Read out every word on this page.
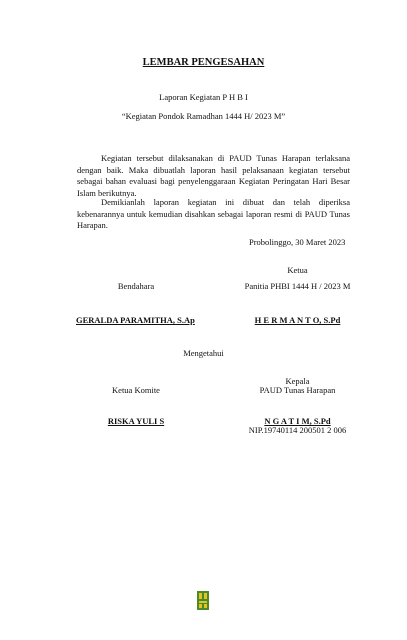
LEMBAR PENGESAHAN
Laporan Kegiatan P H B I
“Kegiatan Pondok Ramadhan 1444 H/ 2023 M”
Kegiatan tersebut dilaksanakan di PAUD Tunas Harapan terlaksana dengan baik. Maka dibuatlah laporan hasil pelaksanaan kegiatan tersebut sebagai bahan evaluasi bagi penyelenggaraan Kegiatan Peringatan Hari Besar Islam berikutnya.
Demikianlah laporan kegiatan ini dibuat dan telah diperiksa kebenarannya untuk kemudian disahkan sebagai laporan resmi di PAUD Tunas Harapan.
Probolinggo, 30 Maret 2023
Ketua
Bendahara	Panitia PHBI 1444 H / 2023 M
GERALDA PARAMITHA, S.Ap	H E R M A N T O, S.Pd
Mengetahui
Kepala
Ketua Komite	PAUD Tunas Harapan
RISKA YULI S	N G A T I M, S.Pd
NIP.19740114 200501 2 006
